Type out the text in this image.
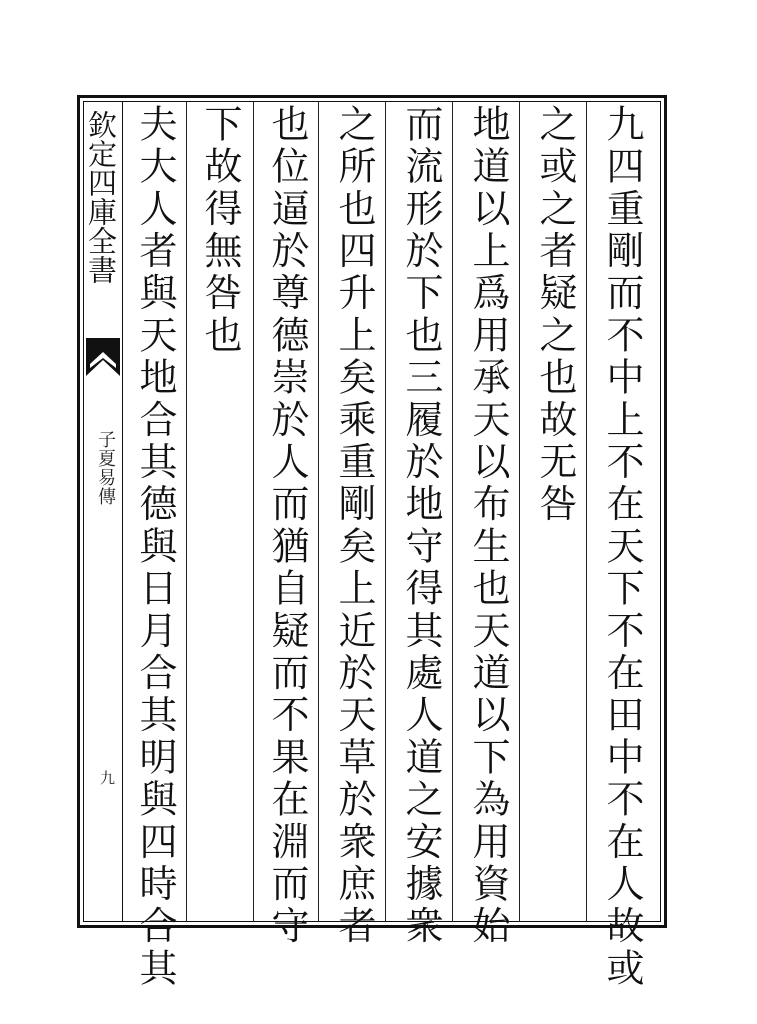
欽定四庫全書
子夏易傳
九	九四重剛而不中上不在天下不在田中不在人故或
之或之者疑之也故无咎
地道以上爲用承天以布生也天道以下為用資始
而流形於下也三履於地守得其處人道之安據衆
之所也四升上矣乘重剛矣上近於天草於衆庶者
也位逼於尊德崇於人而猶自疑而不果在淵而守
下故得無咎也
夫大人者與天地合其德與日月合其明與四時合其
